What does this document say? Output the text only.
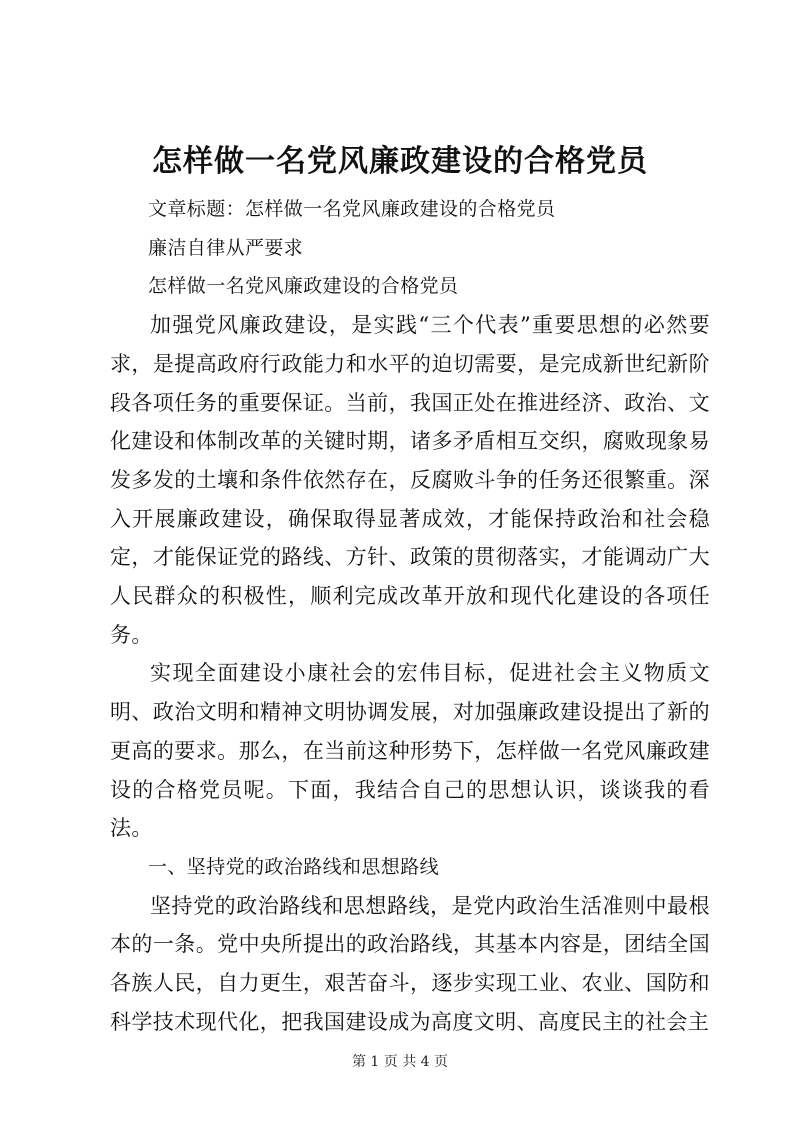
怎样做一名党风廉政建设的合格党员

文章标题：怎样做一名党风廉政建设的合格党员

廉洁自律从严要求

怎样做一名党风廉政建设的合格党员

加强党风廉政建设，是实践“三个代表”重要思想的必然要求，是提高政府行政能力和水平的迫切需要，是完成新世纪新阶段各项任务的重要保证。当前，我国正处在推进经济、政治、文化建设和体制改革的关键时期，诸多矛盾相互交织，腐败现象易发多发的土壤和条件依然存在，反腐败斗争的任务还很繁重。深入开展廉政建设，确保取得显著成效，才能保持政治和社会稳定，才能保证党的路线、方针、政策的贯彻落实，才能调动广大人民群众的积极性，顺利完成改革开放和现代化建设的各项任务。

实现全面建设小康社会的宏伟目标，促进社会主义物质文明、政治文明和精神文明协调发展，对加强廉政建设提出了新的更高的要求。那么，在当前这种形势下，怎样做一名党风廉政建设的合格党员呢。下面，我结合自己的思想认识，谈谈我的看法。

一、坚持党的政治路线和思想路线

坚持党的政治路线和思想路线，是党内政治生活准则中最根本的一条。党中央所提出的政治路线，其基本内容是，团结全国各族人民，自力更生，艰苦奋斗，逐步实现工业、农业、国防和科学技术现代化，把我国建设成为高度文明、高度民主的社会主

第 1 页 共 4 页
